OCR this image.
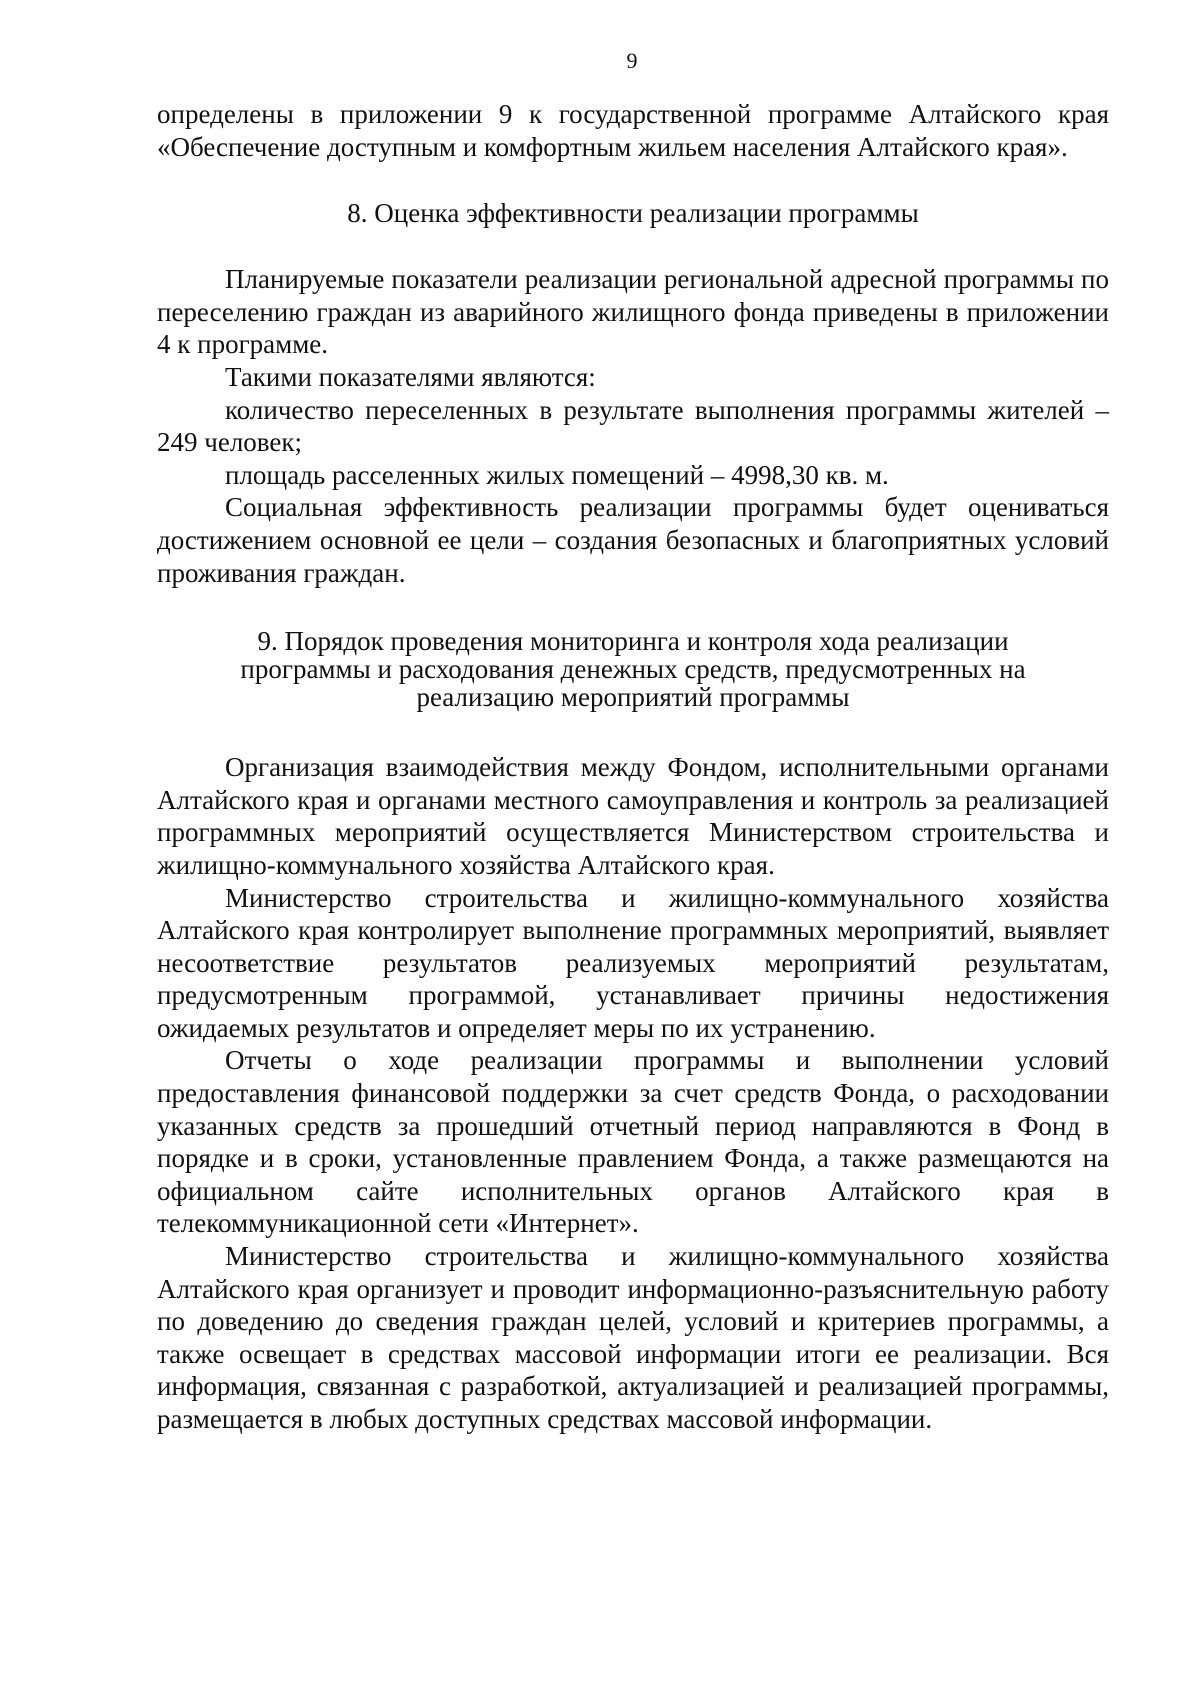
9

определены в приложении 9 к государственной программе Алтайского края «Обеспечение доступным и комфортным жильем населения Алтайского края».

8. Оценка эффективности реализации программы

Планируемые показатели реализации региональной адресной программы по переселению граждан из аварийного жилищного фонда приведены в приложении 4 к программе.

Такими показателями являются:

количество переселенных в результате выполнения программы жителей – 249 человек;

площадь расселенных жилых помещений – 4998,30 кв. м.

Социальная эффективность реализации программы будет оцениваться достижением основной ее цели – создания безопасных и благоприятных условий проживания граждан.

9. Порядок проведения мониторинга и контроля хода реализации
программы и расходования денежных средств, предусмотренных на
реализацию мероприятий программы

Организация взаимодействия между Фондом, исполнительными органами Алтайского края и органами местного самоуправления и контроль за реализацией программных мероприятий осуществляется Министерством строительства и жилищно-коммунального хозяйства Алтайского края.

Министерство строительства и жилищно-коммунального хозяйства Алтайского края контролирует выполнение программных мероприятий, выявляет несоответствие результатов реализуемых мероприятий результатам, предусмотренным программой, устанавливает причины недостижения ожидаемых результатов и определяет меры по их устранению.

Отчеты о ходе реализации программы и выполнении условий предоставления финансовой поддержки за счет средств Фонда, о расходовании указанных средств за прошедший отчетный период направляются в Фонд в порядке и в сроки, установленные правлением Фонда, а также размещаются на официальном сайте исполнительных органов Алтайского края в телекоммуникационной сети «Интернет».

Министерство строительства и жилищно-коммунального хозяйства Алтайского края организует и проводит информационно-разъяснительную работу по доведению до сведения граждан целей, условий и критериев программы, а также освещает в средствах массовой информации итоги ее реализации. Вся информация, связанная с разработкой, актуализацией и реализацией программы, размещается в любых доступных средствах массовой информации.
